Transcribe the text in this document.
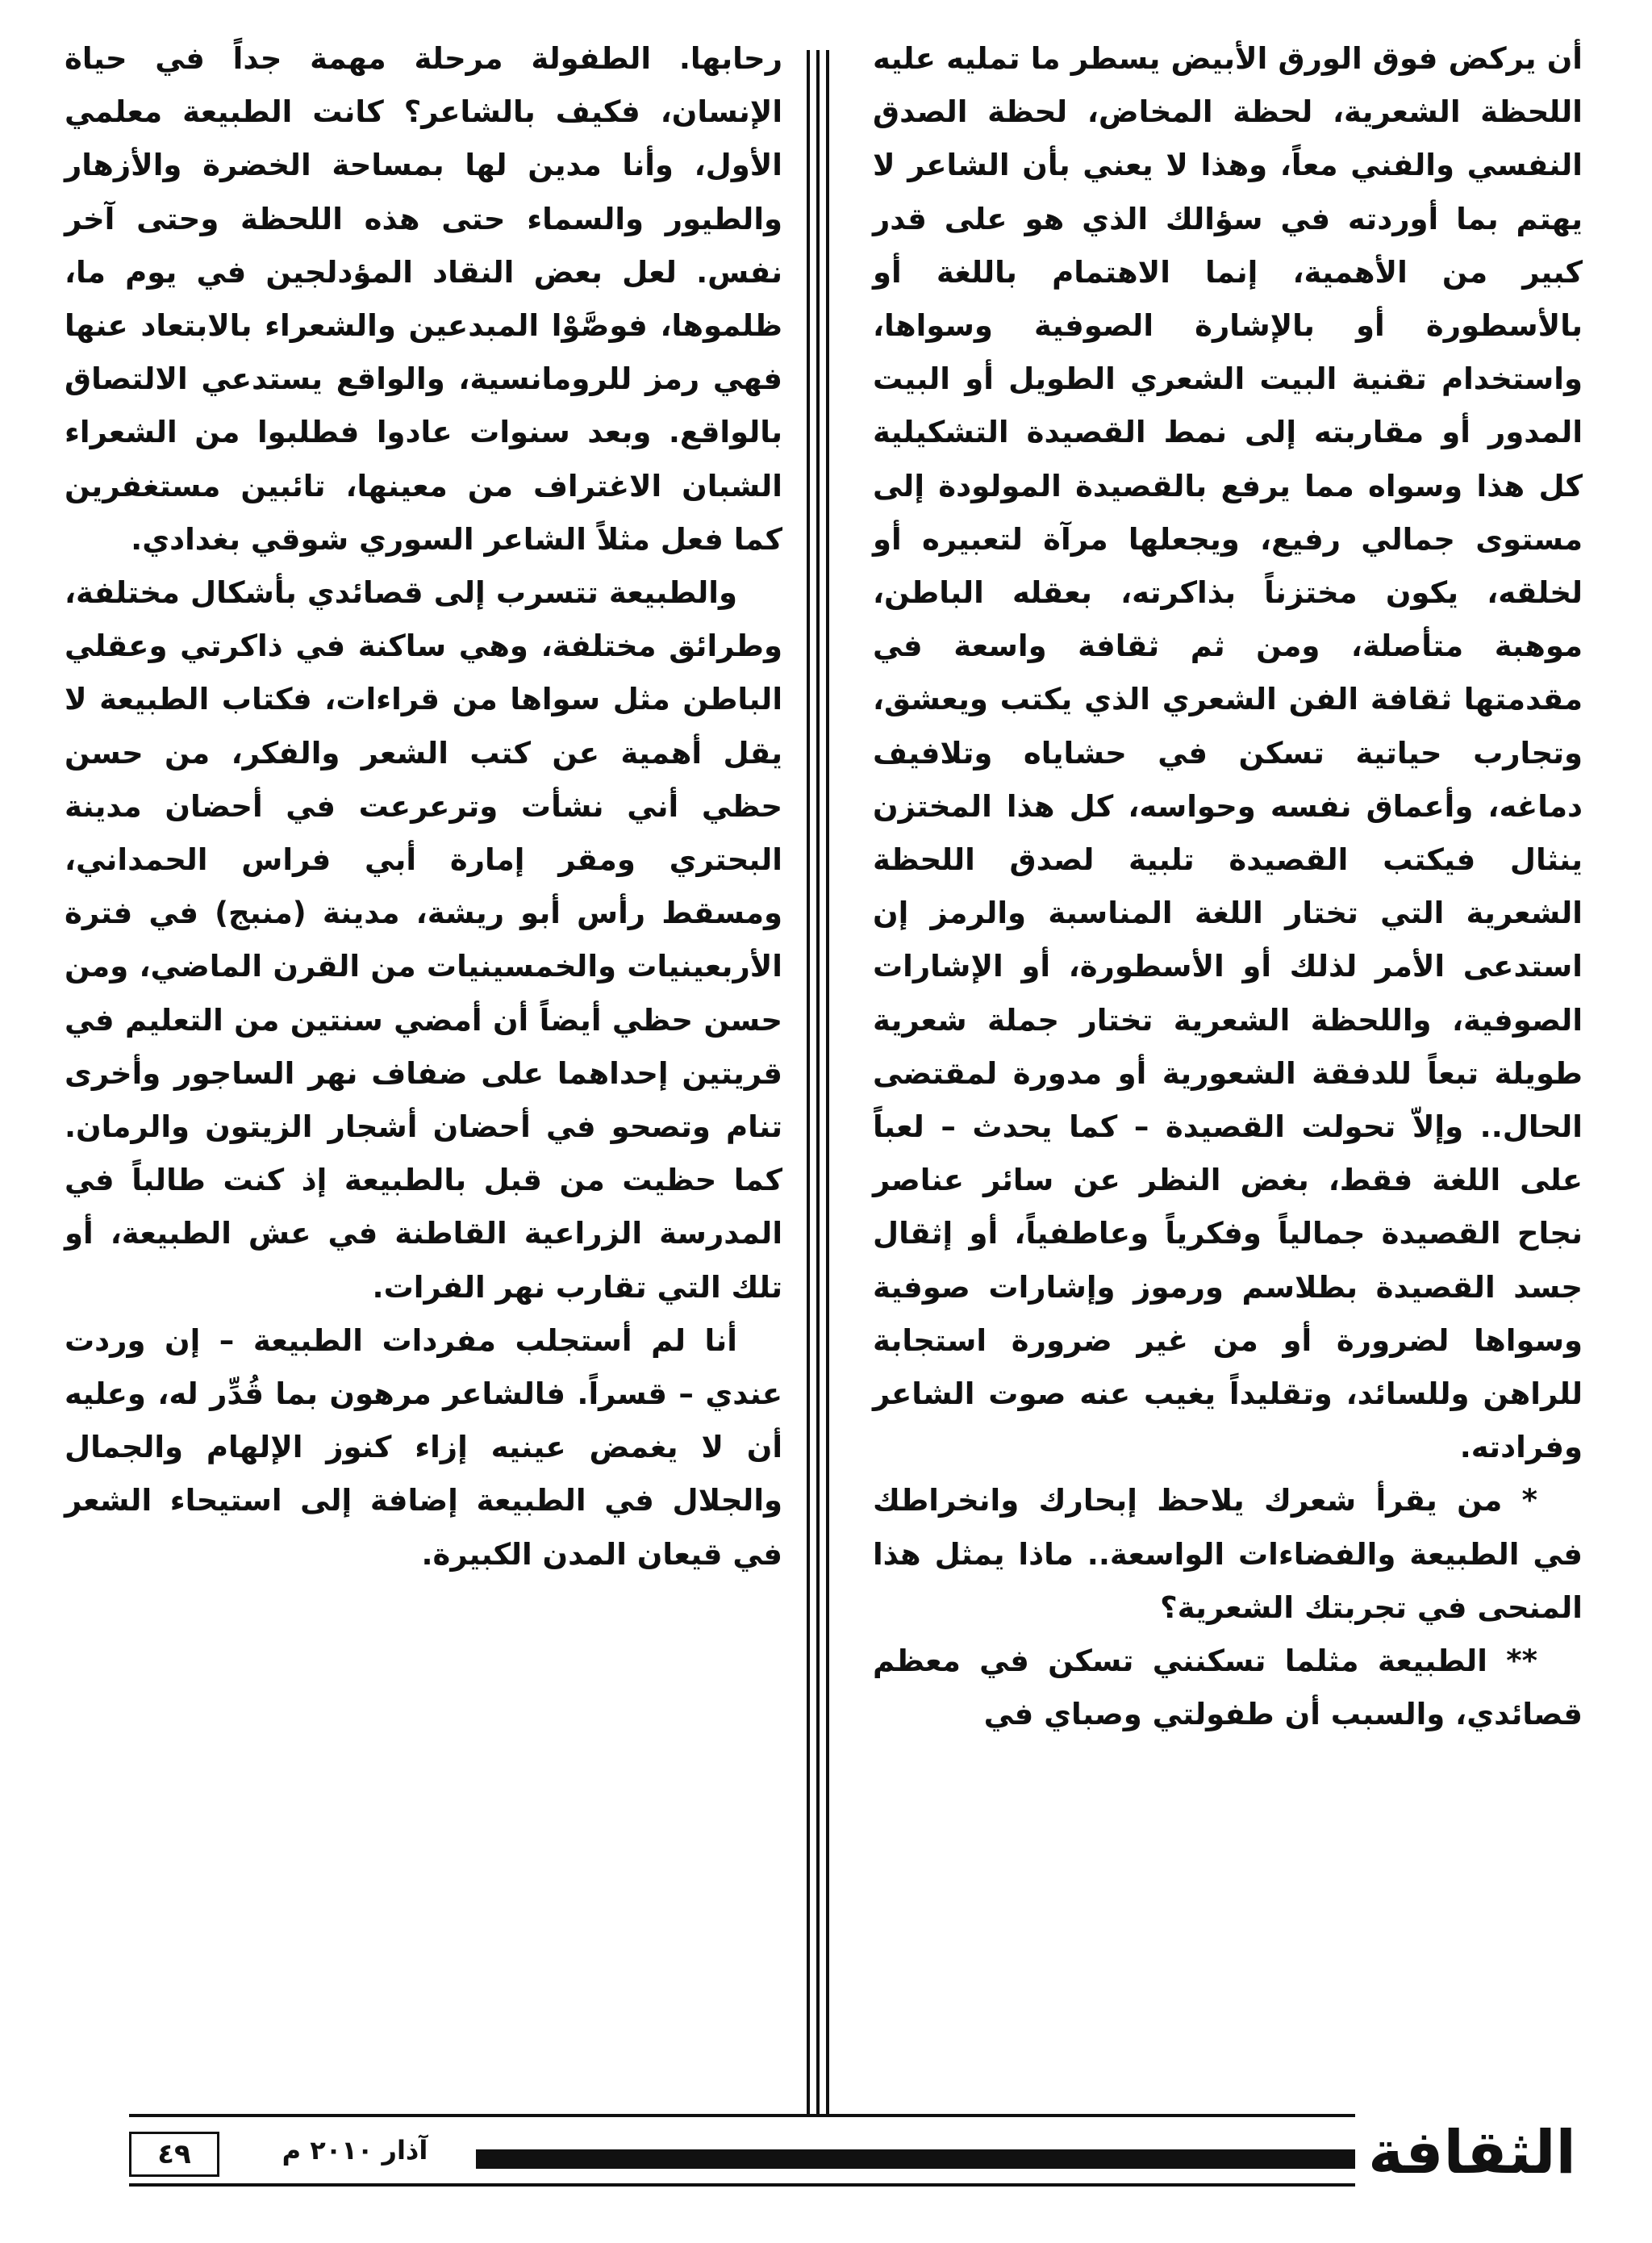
أن يركض فوق الورق الأبيض يسطر ما تمليه عليه اللحظة الشعرية، لحظة المخاض، لحظة الصدق النفسي والفني معاً، وهذا لا يعني بأن الشاعر لا يهتم بما أوردته في سؤالك الذي هو على قدر كبير من الأهمية، إنما الاهتمام باللغة أو بالأسطورة أو بالإشارة الصوفية وسواها، واستخدام تقنية البيت الشعري الطويل أو البيت المدور أو مقاربته إلى نمط القصيدة التشكيلية كل هذا وسواه مما يرفع بالقصيدة المولودة إلى مستوى جمالي رفيع، ويجعلها مرآة لتعبيره أو لخلقه، يكون مختزناً بذاكرته، بعقله الباطن، موهبة متأصلة، ومن ثم ثقافة واسعة في مقدمتها ثقافة الفن الشعري الذي يكتب ويعشق، وتجارب حياتية تسكن في حشاياه وتلافيف دماغه، وأعماق نفسه وحواسه، كل هذا المختزن ينثال فيكتب القصيدة تلبية لصدق اللحظة الشعرية التي تختار اللغة المناسبة والرمز إن استدعى الأمر لذلك أو الأسطورة، أو الإشارات الصوفية، واللحظة الشعرية تختار جملة شعرية طويلة تبعاً للدفقة الشعورية أو مدورة لمقتضى الحال.. وإلاّ تحولت القصيدة – كما يحدث – لعباً على اللغة فقط، بغض النظر عن سائر عناصر نجاح القصيدة جمالياً وفكرياً وعاطفياً، أو إثقال جسد القصيدة بطلاسم ورموز وإشارات صوفية وسواها لضرورة أو من غير ضرورة استجابة للراهن وللسائد، وتقليداً يغيب عنه صوت الشاعر وفرادته.

* من يقرأ شعرك يلاحظ إبحارك وانخراطك في الطبيعة والفضاءات الواسعة.. ماذا يمثل هذا المنحى في تجربتك الشعرية؟

** الطبيعة مثلما تسكنني تسكن في معظم قصائدي، والسبب أن طفولتي وصباي في

رحابها. الطفولة مرحلة مهمة جداً في حياة الإنسان، فكيف بالشاعر؟ كانت الطبيعة معلمي الأول، وأنا مدين لها بمساحة الخضرة والأزهار والطيور والسماء حتى هذه اللحظة وحتى آخر نفس. لعل بعض النقاد المؤدلجين في يوم ما، ظلموها، فوصَّوْا المبدعين والشعراء بالابتعاد عنها فهي رمز للرومانسية، والواقع يستدعي الالتصاق بالواقع. وبعد سنوات عادوا فطلبوا من الشعراء الشبان الاغتراف من معينها، تائبين مستغفرين كما فعل مثلاً الشاعر السوري شوقي بغدادي.

والطبيعة تتسرب إلى قصائدي بأشكال مختلفة، وطرائق مختلفة، وهي ساكنة في ذاكرتي وعقلي الباطن مثل سواها من قراءات، فكتاب الطبيعة لا يقل أهمية عن كتب الشعر والفكر، من حسن حظي أني نشأت وترعرعت في أحضان مدينة البحتري ومقر إمارة أبي فراس الحمداني، ومسقط رأس أبو ريشة، مدينة (منبج) في فترة الأربعينيات والخمسينيات من القرن الماضي، ومن حسن حظي أيضاً أن أمضي سنتين من التعليم في قريتين إحداهما على ضفاف نهر الساجور وأخرى تنام وتصحو في أحضان أشجار الزيتون والرمان. كما حظيت من قبل بالطبيعة إذ كنت طالباً في المدرسة الزراعية القاطنة في عش الطبيعة، أو تلك التي تقارب نهر الفرات.

أنا لم أستجلب مفردات الطبيعة – إن وردت عندي – قسراً. فالشاعر مرهون بما قُدِّر له، وعليه أن لا يغمض عينيه إزاء كنوز الإلهام والجمال والجلال في الطبيعة إضافة إلى استيحاء الشعر في قيعان المدن الكبيرة.

٤٩	آذار ٢٠١٠ م	الثقافة
